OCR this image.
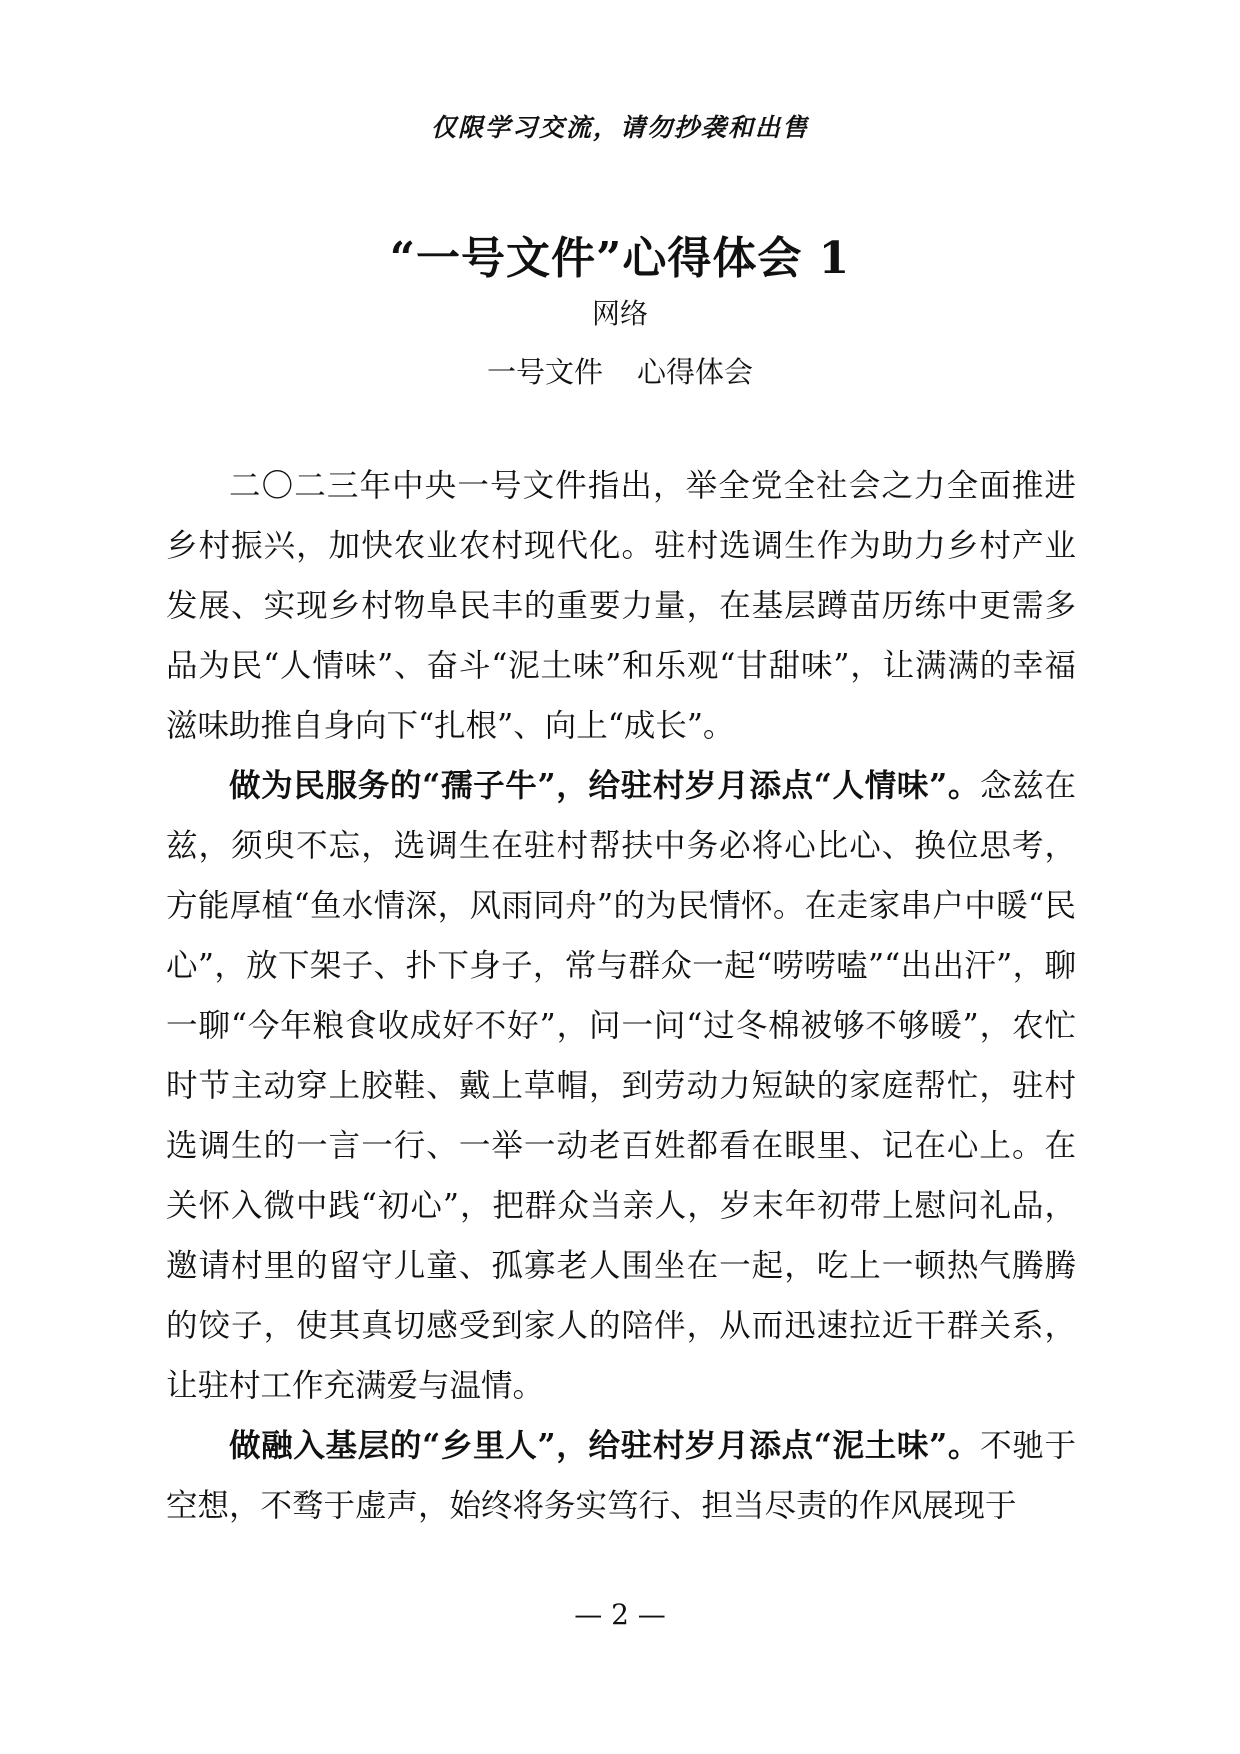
仅限学习交流，请勿抄袭和出售
“一号文件”心得体会 1
网络
一号文件 心得体会

二〇二三年中央一号文件指出，举全党全社会之力全面推进乡村振兴，加快农业农村现代化。驻村选调生作为助力乡村产业发展、实现乡村物阜民丰的重要力量，在基层蹲苗历练中更需多品为民“人情味”、奋斗“泥土味”和乐观“甘甜味”，让满满的幸福滋味助推自身向下“扎根”、向上“成长”。

做为民服务的“孺子牛”，给驻村岁月添点“人情味”。念兹在兹，须臾不忘，选调生在驻村帮扶中务必将心比心、换位思考，方能厚植“鱼水情深，风雨同舟”的为民情怀。在走家串户中暖“民心”，放下架子、扑下身子，常与群众一起“唠唠嗑”“出出汗”，聊一聊“今年粮食收成好不好”，问一问“过冬棉被够不够暖”，农忙时节主动穿上胶鞋、戴上草帽，到劳动力短缺的家庭帮忙，驻村选调生的一言一行、一举一动老百姓都看在眼里、记在心上。在关怀入微中践“初心”，把群众当亲人，岁末年初带上慰问礼品，邀请村里的留守儿童、孤寡老人围坐在一起，吃上一顿热气腾腾的饺子，使其真切感受到家人的陪伴，从而迅速拉近干群关系，让驻村工作充满爱与温情。

做融入基层的“乡里人”，给驻村岁月添点“泥土味”。不驰于空想，不骛于虚声，始终将务实笃行、担当尽责的作风展现于

— 2 —
